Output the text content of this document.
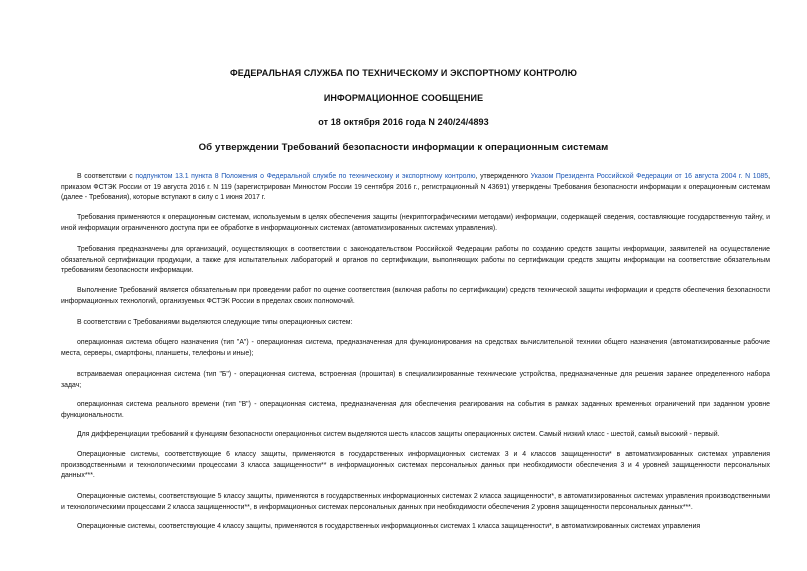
ФЕДЕРАЛЬНАЯ СЛУЖБА ПО ТЕХНИЧЕСКОМУ И ЭКСПОРТНОМУ КОНТРОЛЮ
ИНФОРМАЦИОННОЕ СООБЩЕНИЕ
от 18 октября 2016 года N 240/24/4893
Об утверждении Требований безопасности информации к операционным системам

В соответствии с подпунктом 13.1 пункта 8 Положения о Федеральной службе по техническому и экспортному контролю, утвержденного Указом Президента Российской Федерации от 16 августа 2004 г. N 1085, приказом ФСТЭК России от 19 августа 2016 г. N 119 (зарегистрирован Минюстом России 19 сентября 2016 г., регистрационный N 43691) утверждены Требования безопасности информации к операционным системам (далее - Требования), которые вступают в силу с 1 июня 2017 г.

Требования применяются к операционным системам, используемым в целях обеспечения защиты (некриптографическими методами) информации, содержащей сведения, составляющие государственную тайну, и иной информации ограниченного доступа при ее обработке в информационных системах (автоматизированных системах управления).

Требования предназначены для организаций, осуществляющих в соответствии с законодательством Российской Федерации работы по созданию средств защиты информации, заявителей на осуществление обязательной сертификации продукции, а также для испытательных лабораторий и органов по сертификации, выполняющих работы по сертификации средств защиты информации на соответствие обязательным требованиям безопасности информации.

Выполнение Требований является обязательным при проведении работ по оценке соответствия (включая работы по сертификации) средств технической защиты информации и средств обеспечения безопасности информационных технологий, организуемых ФСТЭК России в пределах своих полномочий.

В соответствии с Требованиями выделяются следующие типы операционных систем:

операционная система общего назначения (тип "А") - операционная система, предназначенная для функционирования на средствах вычислительной техники общего назначения (автоматизированные рабочие места, серверы, смартфоны, планшеты, телефоны и иные);

встраиваемая операционная система (тип "Б") - операционная система, встроенная (прошитая) в специализированные технические устройства, предназначенные для решения заранее определенного набора задач;

операционная система реального времени (тип "В") - операционная система, предназначенная для обеспечения реагирования на события в рамках заданных временных ограничений при заданном уровне функциональности.

Для дифференциации требований к функциям безопасности операционных систем выделяются шесть классов защиты операционных систем. Самый низкий класс - шестой, самый высокий - первый.

Операционные системы, соответствующие 6 классу защиты, применяются в государственных информационных системах 3 и 4 классов защищенности* в автоматизированных системах управления производственными и технологическими процессами 3 класса защищенности** в информационных системах персональных данных при необходимости обеспечения 3 и 4 уровней защищенности персональных данных***.

Операционные системы, соответствующие 5 классу защиты, применяются в государственных информационных системах 2 класса защищенности*, в автоматизированных системах управления производственными и технологическими процессами 2 класса защищенности**, в информационных системах персональных данных при необходимости обеспечения 2 уровня защищенности персональных данных***.

Операционные системы, соответствующие 4 классу защиты, применяются в государственных информационных системах 1 класса защищенности*, в автоматизированных системах управления
